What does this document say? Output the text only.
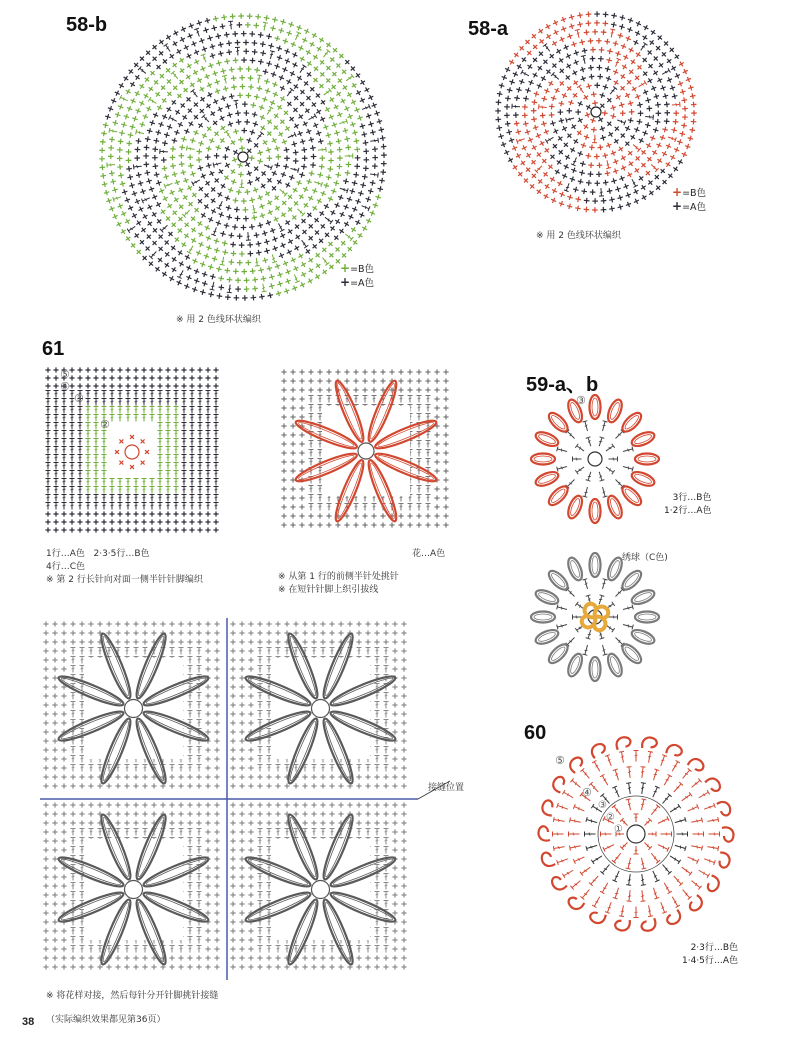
58-b
+=B色
+=A色
※ 用 2 色线环状编织
58-a
+=B色
+=A色
※ 用 2 色线环状编织
61
⑤
④
③
②
1行…A色 2·3·5行…B色
4行…C色
※ 第 2 行长针向对面一侧半针针脚编织
花…A色
※ 从第 1 行的前侧半针处挑针
※ 在短针针脚上织引拔线
接缝位置
※ 将花样对接，然后每针分开针脚挑针接缝
59-a、b
③
3行…B色
1·2行…A色
绣球（C色)
60
⑤
④
③
②
①
2·3行…B色
1·4·5行…A色
（实际编织效果都见第36页）
38
